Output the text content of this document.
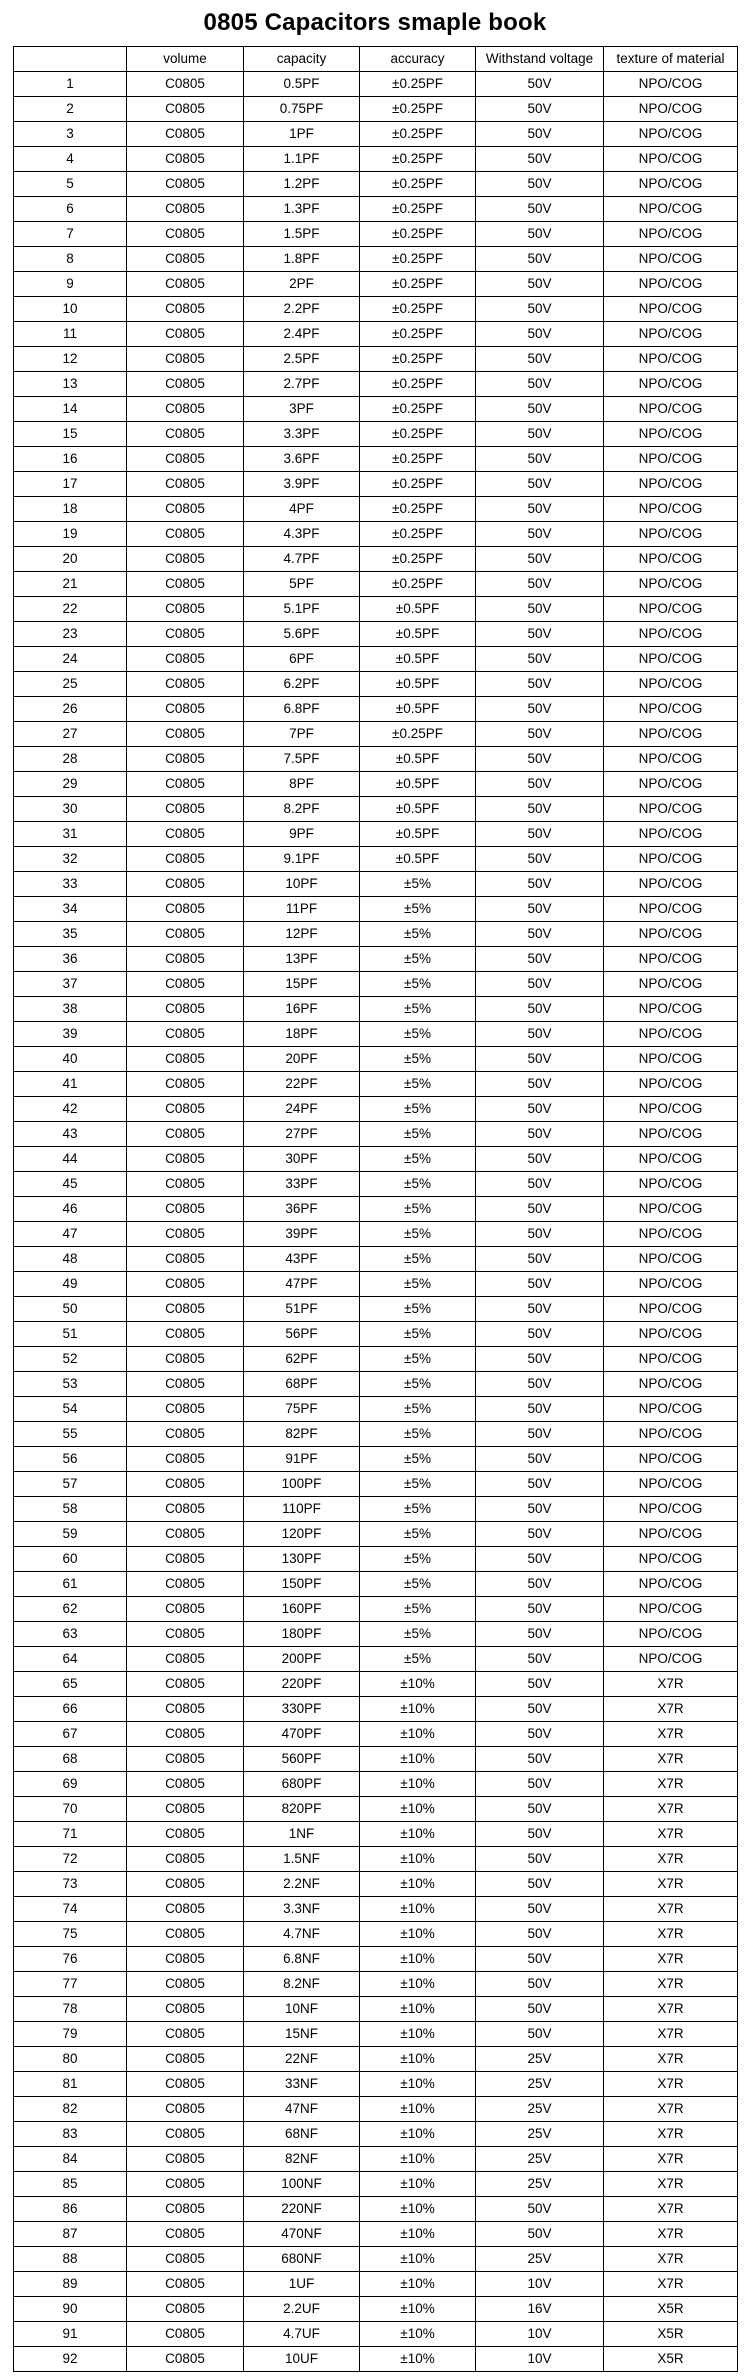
0805 Capacitors smaple book
	volume	capacity	accuracy	Withstand voltage	texture of material
1	C0805	0.5PF	±0.25PF	50V	NPO/COG
2	C0805	0.75PF	±0.25PF	50V	NPO/COG
3	C0805	1PF	±0.25PF	50V	NPO/COG
4	C0805	1.1PF	±0.25PF	50V	NPO/COG
5	C0805	1.2PF	±0.25PF	50V	NPO/COG
6	C0805	1.3PF	±0.25PF	50V	NPO/COG
7	C0805	1.5PF	±0.25PF	50V	NPO/COG
8	C0805	1.8PF	±0.25PF	50V	NPO/COG
9	C0805	2PF	±0.25PF	50V	NPO/COG
10	C0805	2.2PF	±0.25PF	50V	NPO/COG
11	C0805	2.4PF	±0.25PF	50V	NPO/COG
12	C0805	2.5PF	±0.25PF	50V	NPO/COG
13	C0805	2.7PF	±0.25PF	50V	NPO/COG
14	C0805	3PF	±0.25PF	50V	NPO/COG
15	C0805	3.3PF	±0.25PF	50V	NPO/COG
16	C0805	3.6PF	±0.25PF	50V	NPO/COG
17	C0805	3.9PF	±0.25PF	50V	NPO/COG
18	C0805	4PF	±0.25PF	50V	NPO/COG
19	C0805	4.3PF	±0.25PF	50V	NPO/COG
20	C0805	4.7PF	±0.25PF	50V	NPO/COG
21	C0805	5PF	±0.25PF	50V	NPO/COG
22	C0805	5.1PF	±0.5PF	50V	NPO/COG
23	C0805	5.6PF	±0.5PF	50V	NPO/COG
24	C0805	6PF	±0.5PF	50V	NPO/COG
25	C0805	6.2PF	±0.5PF	50V	NPO/COG
26	C0805	6.8PF	±0.5PF	50V	NPO/COG
27	C0805	7PF	±0.25PF	50V	NPO/COG
28	C0805	7.5PF	±0.5PF	50V	NPO/COG
29	C0805	8PF	±0.5PF	50V	NPO/COG
30	C0805	8.2PF	±0.5PF	50V	NPO/COG
31	C0805	9PF	±0.5PF	50V	NPO/COG
32	C0805	9.1PF	±0.5PF	50V	NPO/COG
33	C0805	10PF	±5%	50V	NPO/COG
34	C0805	11PF	±5%	50V	NPO/COG
35	C0805	12PF	±5%	50V	NPO/COG
36	C0805	13PF	±5%	50V	NPO/COG
37	C0805	15PF	±5%	50V	NPO/COG
38	C0805	16PF	±5%	50V	NPO/COG
39	C0805	18PF	±5%	50V	NPO/COG
40	C0805	20PF	±5%	50V	NPO/COG
41	C0805	22PF	±5%	50V	NPO/COG
42	C0805	24PF	±5%	50V	NPO/COG
43	C0805	27PF	±5%	50V	NPO/COG
44	C0805	30PF	±5%	50V	NPO/COG
45	C0805	33PF	±5%	50V	NPO/COG
46	C0805	36PF	±5%	50V	NPO/COG
47	C0805	39PF	±5%	50V	NPO/COG
48	C0805	43PF	±5%	50V	NPO/COG
49	C0805	47PF	±5%	50V	NPO/COG
50	C0805	51PF	±5%	50V	NPO/COG
51	C0805	56PF	±5%	50V	NPO/COG
52	C0805	62PF	±5%	50V	NPO/COG
53	C0805	68PF	±5%	50V	NPO/COG
54	C0805	75PF	±5%	50V	NPO/COG
55	C0805	82PF	±5%	50V	NPO/COG
56	C0805	91PF	±5%	50V	NPO/COG
57	C0805	100PF	±5%	50V	NPO/COG
58	C0805	110PF	±5%	50V	NPO/COG
59	C0805	120PF	±5%	50V	NPO/COG
60	C0805	130PF	±5%	50V	NPO/COG
61	C0805	150PF	±5%	50V	NPO/COG
62	C0805	160PF	±5%	50V	NPO/COG
63	C0805	180PF	±5%	50V	NPO/COG
64	C0805	200PF	±5%	50V	NPO/COG
65	C0805	220PF	±10%	50V	X7R
66	C0805	330PF	±10%	50V	X7R
67	C0805	470PF	±10%	50V	X7R
68	C0805	560PF	±10%	50V	X7R
69	C0805	680PF	±10%	50V	X7R
70	C0805	820PF	±10%	50V	X7R
71	C0805	1NF	±10%	50V	X7R
72	C0805	1.5NF	±10%	50V	X7R
73	C0805	2.2NF	±10%	50V	X7R
74	C0805	3.3NF	±10%	50V	X7R
75	C0805	4.7NF	±10%	50V	X7R
76	C0805	6.8NF	±10%	50V	X7R
77	C0805	8.2NF	±10%	50V	X7R
78	C0805	10NF	±10%	50V	X7R
79	C0805	15NF	±10%	50V	X7R
80	C0805	22NF	±10%	25V	X7R
81	C0805	33NF	±10%	25V	X7R
82	C0805	47NF	±10%	25V	X7R
83	C0805	68NF	±10%	25V	X7R
84	C0805	82NF	±10%	25V	X7R
85	C0805	100NF	±10%	25V	X7R
86	C0805	220NF	±10%	50V	X7R
87	C0805	470NF	±10%	50V	X7R
88	C0805	680NF	±10%	25V	X7R
89	C0805	1UF	±10%	10V	X7R
90	C0805	2.2UF	±10%	16V	X5R
91	C0805	4.7UF	±10%	10V	X5R
92	C0805	10UF	±10%	10V	X5R
